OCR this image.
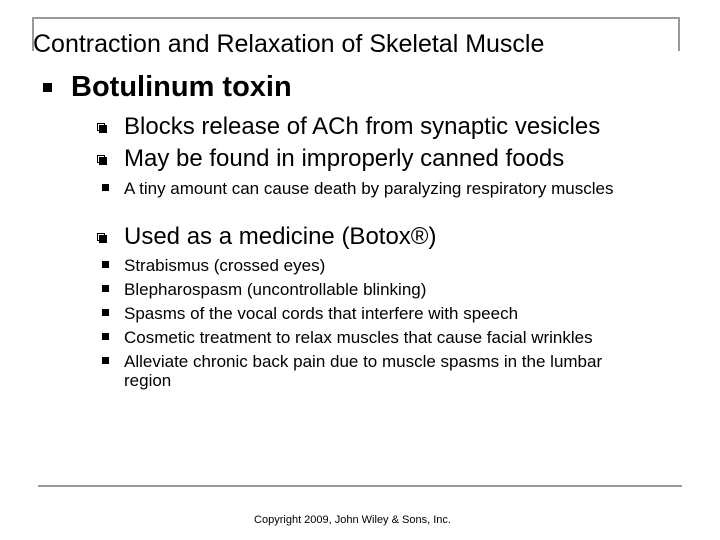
Contraction and Relaxation of Skeletal Muscle
Botulinum toxin
Blocks release of ACh from synaptic vesicles
May be found in improperly canned foods
A tiny amount can cause death by paralyzing respiratory muscles
Used as a medicine (Botox®)
Strabismus (crossed eyes)
Blepharospasm (uncontrollable blinking)
Spasms of the vocal cords that interfere with speech
Cosmetic treatment to relax muscles that cause facial wrinkles
Alleviate chronic back pain due to muscle spasms in the lumbar region
Copyright 2009, John Wiley & Sons, Inc.
